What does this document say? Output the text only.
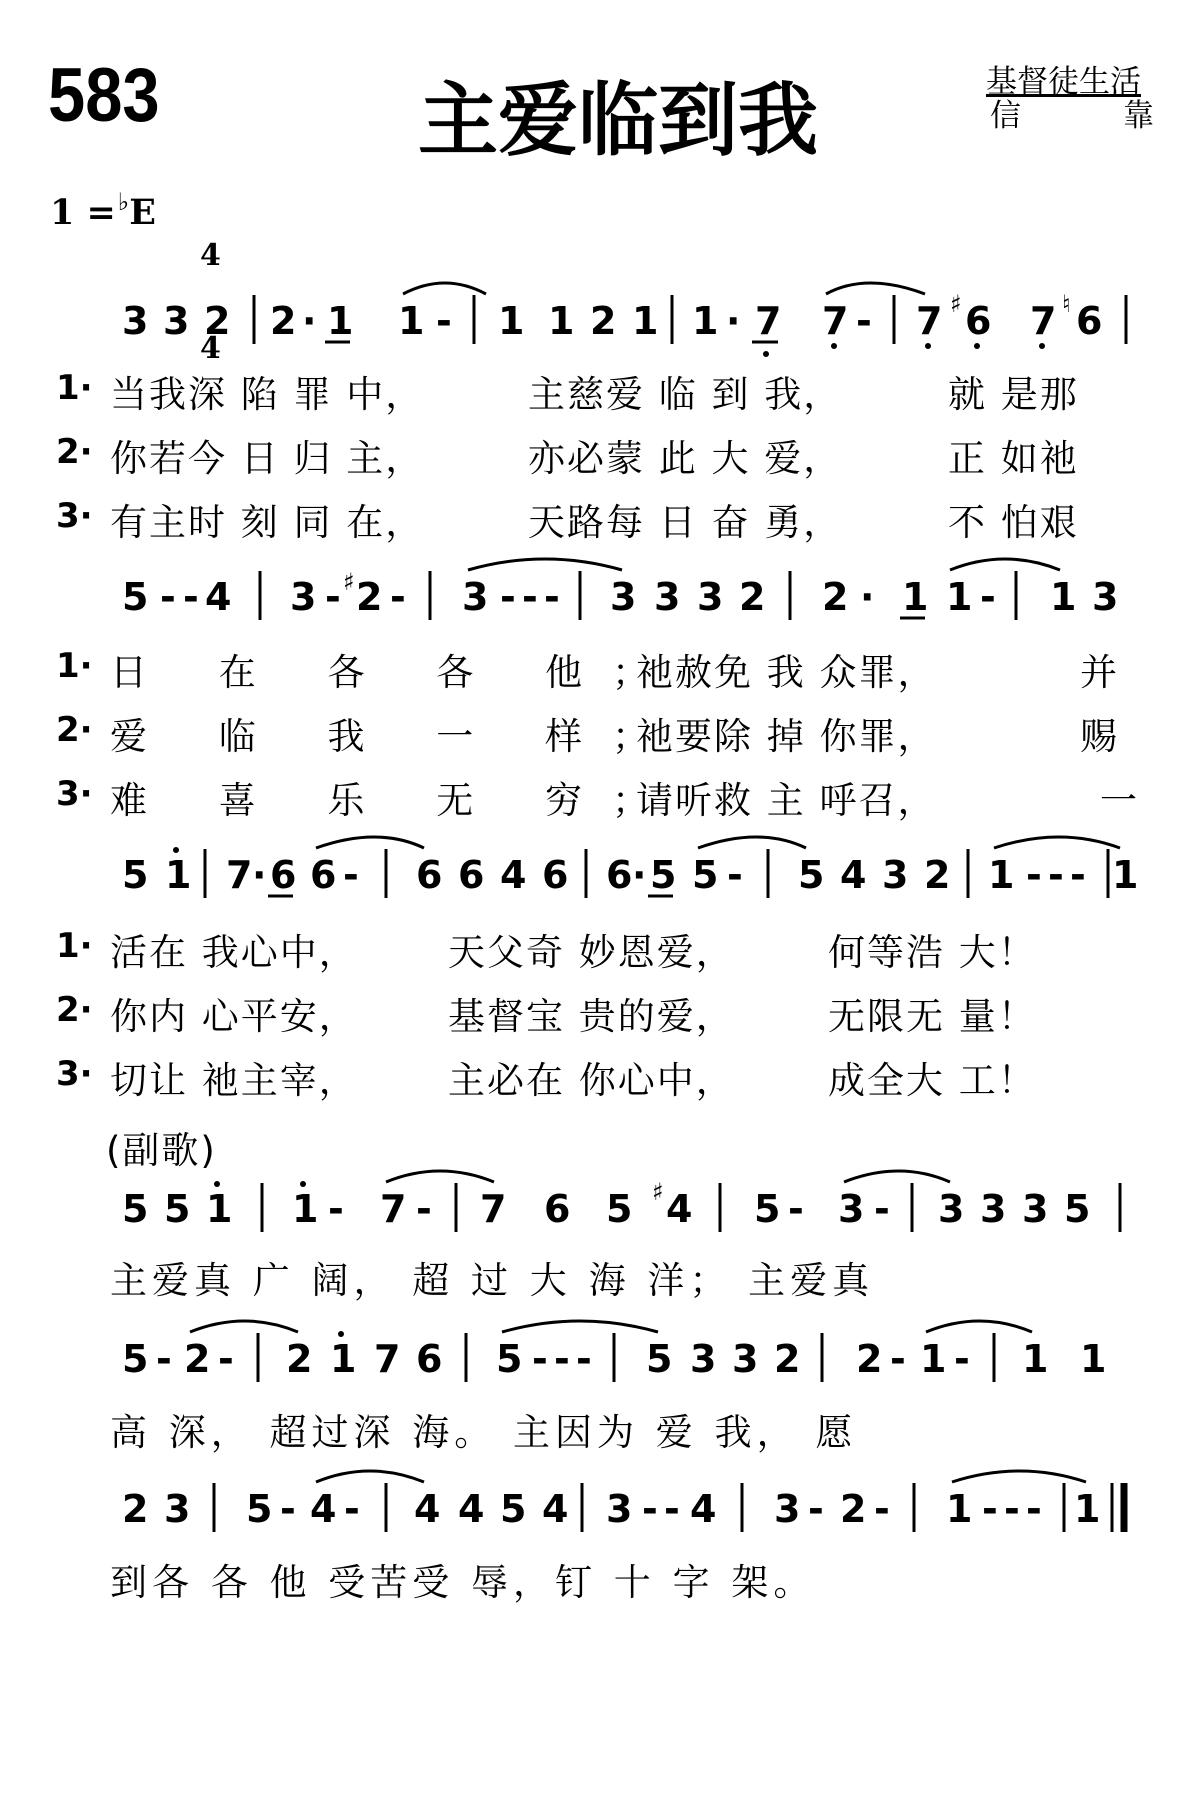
583	主爱临到我	基督徒生活
信	靠
1 =♭E

4

4

3 3 2 2 · 1 1 - 1 1 2 1 1 · 7 7 - 7 ♯ 6 7 ♮ 6
5 - - 4 3 - ♯ 2 - 3 - - - 3 3 3 2 2 · 1 1 - 1 3
5 1 7 · 6 6 - 6 6 4 6 6 · 5 5 - 5 4 3 2 1 - - - 1
5 5 1 1 - 7 - 7 6 5 ♯ 4 5 - 3 - 3 3 3 5
5 - 2 - 2 1 7 6 5 - - - 5 3 3 2 2 - 1 - 1 1
2 3 5 - 4 - 4 4 5 4 3 - - 4 3 - 2 - 1 - - - 1
1· 当我深 陷 罪 中，	主慈爱 临 到 我，	就 是那
2· 你若今 日 归 主，	亦必蒙 此 大 爱，	正 如祂
3· 有主时 刻 同 在，	天路每 日 奋 勇，	不 怕艰
1· 日 在 各 各 他；
祂赦免 我 众罪，	并
2· 爱 临 我 一 样；
祂要除 掉 你罪，	赐
3· 难 喜 乐 无 穷；
请听救 主 呼召，	一
1· 活在 我心中， 天父奇 妙恩爱，	何等浩 大！
2· 你内 心平安， 基督宝 贵的爱，	无限无 量！
3· 切让 祂主宰， 主必在 你心中，	成全大 工！
(副歌)
主爱真 广 阔， 超 过 大 海 洋； 主爱真
高 深， 超过深 海。 主因为 爱 我， 愿
到各 各 他 受苦受 辱，钉 十 字 架。
